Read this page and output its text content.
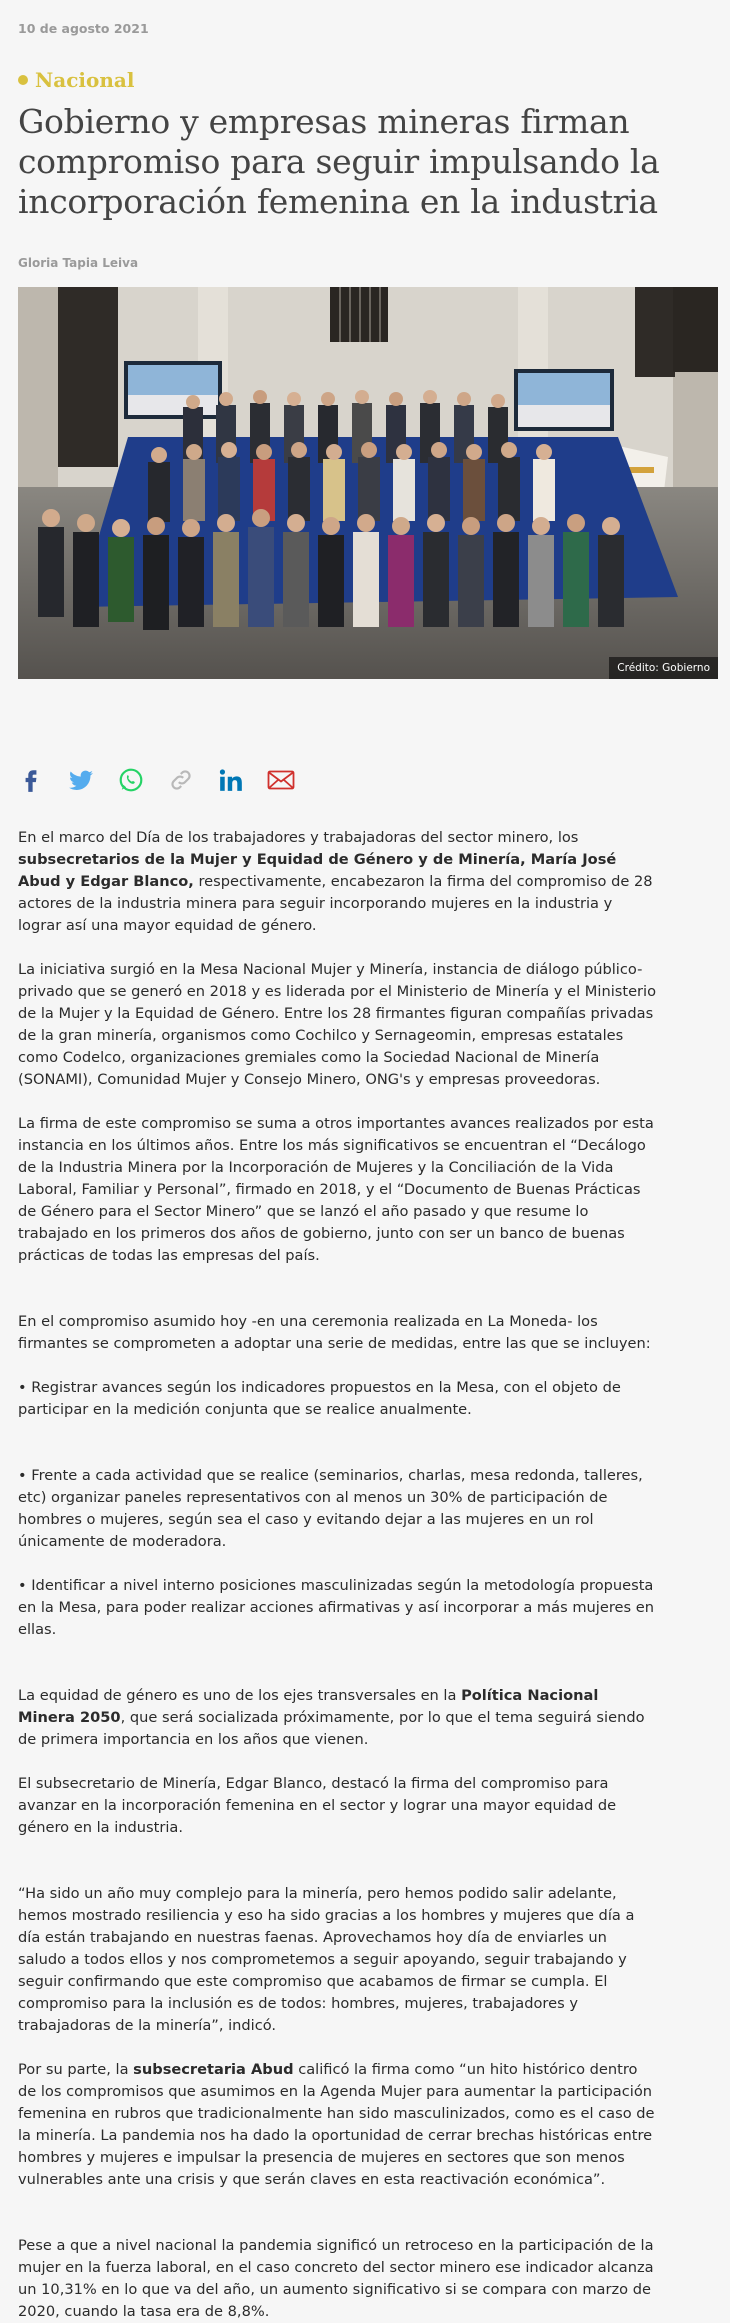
10 de agosto 2021
Nacional
Gobierno y empresas mineras firman compromiso para seguir impulsando la incorporación femenina en la industria
Gloria Tapia Leiva
Crédito: Gobierno

En el marco del Día de los trabajadores y trabajadoras del sector minero, los subsecretarios de la Mujer y Equidad de Género y de Minería, María José Abud y Edgar Blanco, respectivamente, encabezaron la firma del compromiso de 28 actores de la industria minera para seguir incorporando mujeres en la industria y lograr así una mayor equidad de género.

La iniciativa surgió en la Mesa Nacional Mujer y Minería, instancia de diálogo público-privado que se generó en 2018 y es liderada por el Ministerio de Minería y el Ministerio de la Mujer y la Equidad de Género. Entre los 28 firmantes figuran compañías privadas de la gran minería, organismos como Cochilco y Sernageomin, empresas estatales como Codelco, organizaciones gremiales como la Sociedad Nacional de Minería (SONAMI), Comunidad Mujer y Consejo Minero, ONG's y empresas proveedoras.

La firma de este compromiso se suma a otros importantes avances realizados por esta instancia en los últimos años. Entre los más significativos se encuentran el “Decálogo de la Industria Minera por la Incorporación de Mujeres y la Conciliación de la Vida Laboral, Familiar y Personal”, firmado en 2018, y el “Documento de Buenas Prácticas de Género para el Sector Minero” que se lanzó el año pasado y que resume lo trabajado en los primeros dos años de gobierno, junto con ser un banco de buenas prácticas de todas las empresas del país.

En el compromiso asumido hoy -en una ceremonia realizada en La Moneda- los firmantes se comprometen a adoptar una serie de medidas, entre las que se incluyen:

• Registrar avances según los indicadores propuestos en la Mesa, con el objeto de participar en la medición conjunta que se realice anualmente.

• Frente a cada actividad que se realice (seminarios, charlas, mesa redonda, talleres, etc) organizar paneles representativos con al menos un 30% de participación de hombres o mujeres, según sea el caso y evitando dejar a las mujeres en un rol únicamente de moderadora.

• Identificar a nivel interno posiciones masculinizadas según la metodología propuesta en la Mesa, para poder realizar acciones afirmativas y así incorporar a más mujeres en ellas.

La equidad de género es uno de los ejes transversales en la Política Nacional Minera 2050, que será socializada próximamente, por lo que el tema seguirá siendo de primera importancia en los años que vienen.

El subsecretario de Minería, Edgar Blanco, destacó la firma del compromiso para avanzar en la incorporación femenina en el sector y lograr una mayor equidad de género en la industria.

“Ha sido un año muy complejo para la minería, pero hemos podido salir adelante, hemos mostrado resiliencia y eso ha sido gracias a los hombres y mujeres que día a día están trabajando en nuestras faenas. Aprovechamos hoy día de enviarles un saludo a todos ellos y nos comprometemos a seguir apoyando, seguir trabajando y seguir confirmando que este compromiso que acabamos de firmar se cumpla. El compromiso para la inclusión es de todos: hombres, mujeres, trabajadores y trabajadoras de la minería”, indicó.

Por su parte, la subsecretaria Abud calificó la firma como “un hito histórico dentro de los compromisos que asumimos en la Agenda Mujer para aumentar la participación femenina en rubros que tradicionalmente han sido masculinizados, como es el caso de la minería. La pandemia nos ha dado la oportunidad de cerrar brechas históricas entre hombres y mujeres e impulsar la presencia de mujeres en sectores que son menos vulnerables ante una crisis y que serán claves en esta reactivación económica”.

Pese a que a nivel nacional la pandemia significó un retroceso en la participación de la mujer en la fuerza laboral, en el caso concreto del sector minero ese indicador alcanza un 10,31% en lo que va del año, un aumento significativo si se compara con marzo de 2020, cuando la tasa era de 8,8%.
